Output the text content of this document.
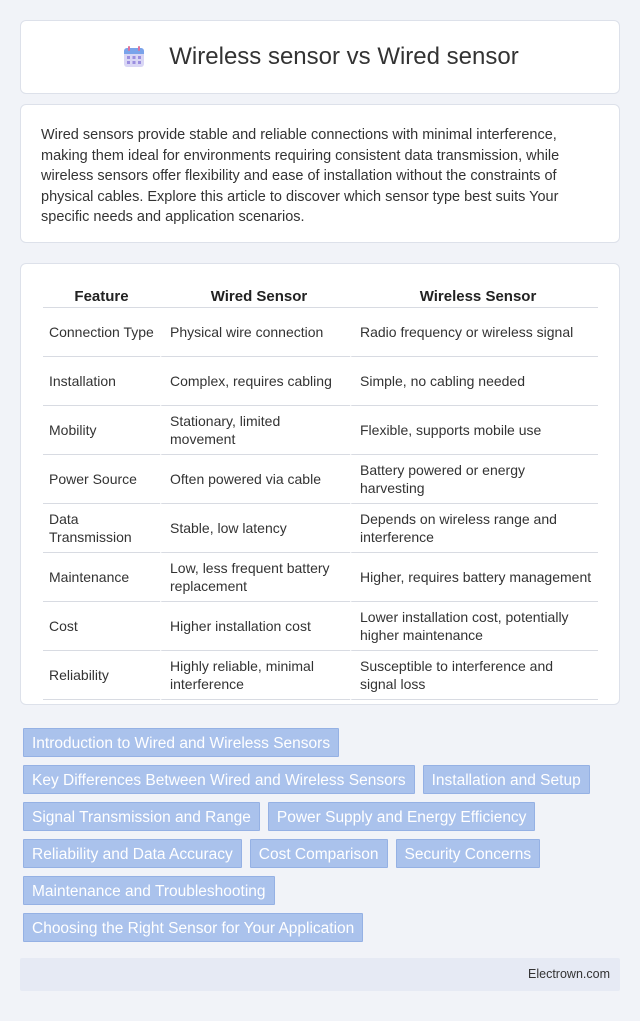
Wireless sensor vs Wired sensor

Wired sensors provide stable and reliable connections with minimal interference, making them ideal for environments requiring consistent data transmission, while wireless sensors offer flexibility and ease of installation without the constraints of physical cables. Explore this article to discover which sensor type best suits Your specific needs and application scenarios.

Feature	Wired Sensor	Wireless Sensor
Connection Type	Physical wire connection	Radio frequency or wireless signal
Installation	Complex, requires cabling	Simple, no cabling needed
Mobility	Stationary, limited movement	Flexible, supports mobile use
Power Source	Often powered via cable	Battery powered or energy harvesting
Data Transmission	Stable, low latency	Depends on wireless range and interference
Maintenance	Low, less frequent battery replacement	Higher, requires battery management
Cost	Higher installation cost	Lower installation cost, potentially higher maintenance
Reliability	Highly reliable, minimal interference	Susceptible to interference and signal loss
Introduction to Wired and Wireless Sensors
Key Differences Between Wired and Wireless Sensors	Installation and Setup
Signal Transmission and Range	Power Supply and Energy Efficiency
Reliability and Data Accuracy	Cost Comparison	Security Concerns
Maintenance and Troubleshooting
Choosing the Right Sensor for Your Application
Electrown.com
